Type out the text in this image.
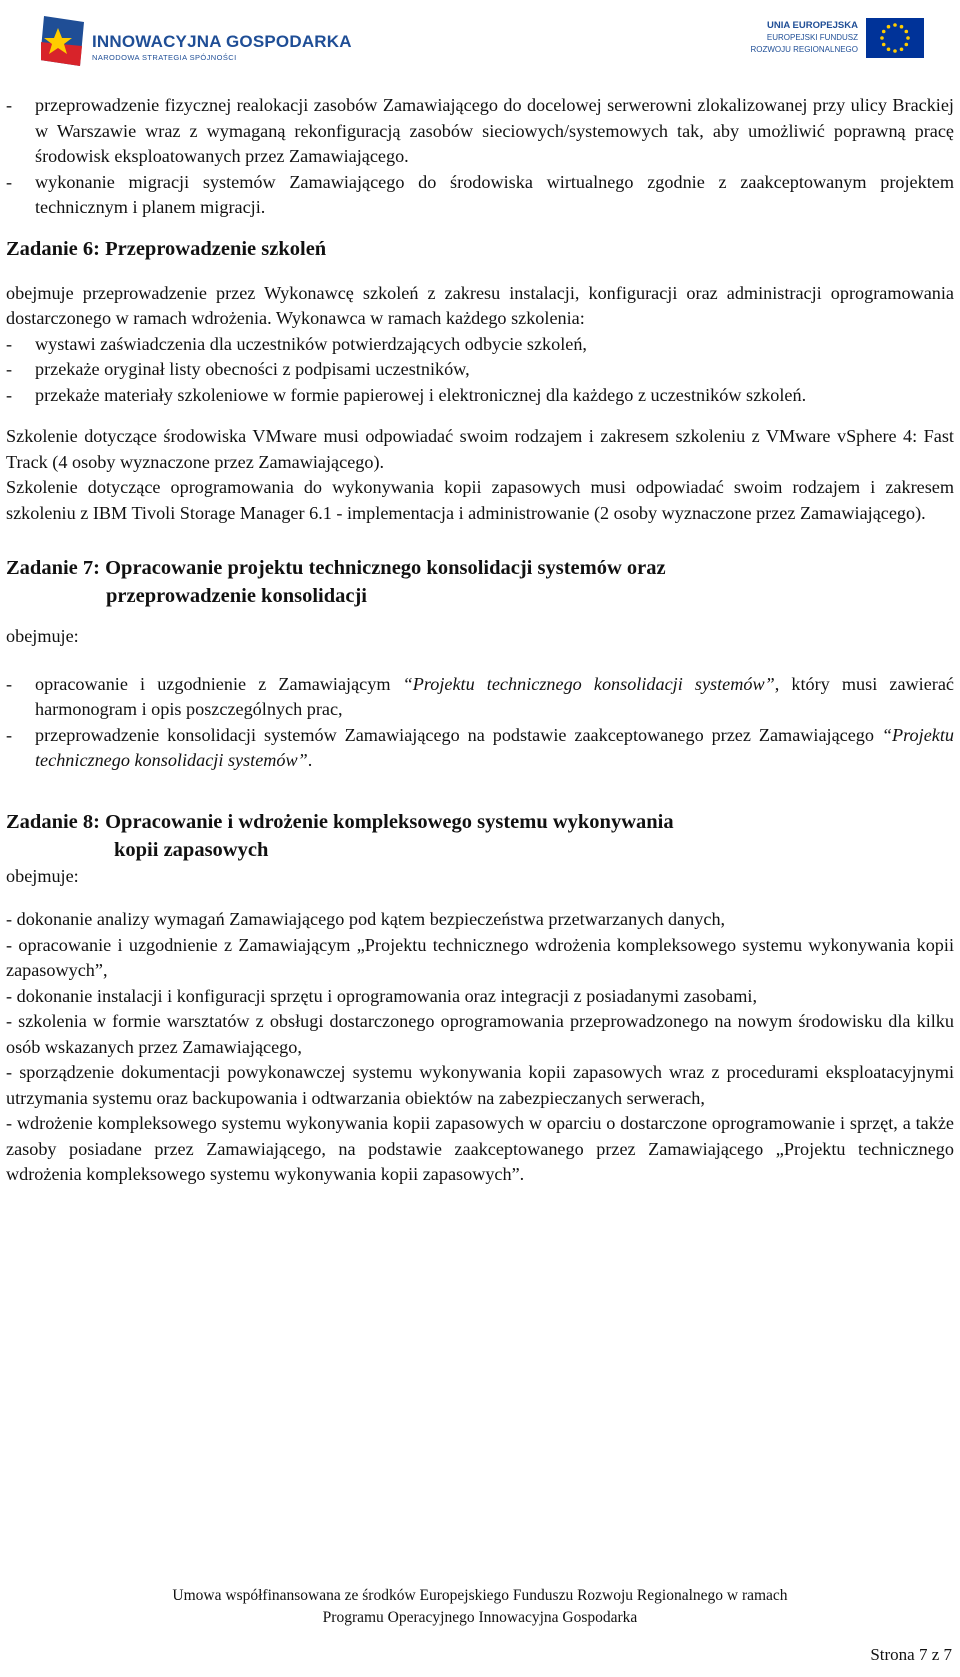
INNOWACYJNA GOSPODARKA
NARODOWA STRATEGIA SPÓJNOŚCI
UNIA EUROPEJSKA
EUROPEJSKI FUNDUSZ
ROZWOJU REGIONALNEGO
- przeprowadzenie fizycznej realokacji zasobów Zamawiającego do docelowej serwerowni zlokalizowanej przy ulicy Brackiej w Warszawie wraz z wymaganą rekonfiguracją zasobów sieciowych/systemowych tak, aby umożliwić poprawną pracę środowisk eksploatowanych przez Zamawiającego.
- wykonanie migracji systemów Zamawiającego do środowiska wirtualnego zgodnie z zaakceptowanym projektem technicznym i planem migracji.
Zadanie 6: Przeprowadzenie szkoleń
obejmuje przeprowadzenie przez Wykonawcę szkoleń z zakresu instalacji, konfiguracji oraz administracji oprogramowania dostarczonego w ramach wdrożenia. Wykonawca w ramach każdego szkolenia:
- wystawi zaświadczenia dla uczestników potwierdzających odbycie szkoleń,
- przekaże oryginał listy obecności z podpisami uczestników,
- przekaże materiały szkoleniowe w formie papierowej i elektronicznej dla każdego z uczestników szkoleń.
Szkolenie dotyczące środowiska VMware musi odpowiadać swoim rodzajem i zakresem szkoleniu z VMware vSphere 4: Fast Track (4 osoby wyznaczone przez Zamawiającego).
Szkolenie dotyczące oprogramowania do wykonywania kopii zapasowych musi odpowiadać swoim rodzajem i zakresem szkoleniu z IBM Tivoli Storage Manager 6.1 - implementacja i administrowanie (2 osoby wyznaczone przez Zamawiającego).
Zadanie 7: Opracowanie projektu technicznego konsolidacji systemów oraz
przeprowadzenie konsolidacji
obejmuje:
- opracowanie i uzgodnienie z Zamawiającym “Projektu technicznego konsolidacji systemów”, który musi zawierać harmonogram i opis poszczególnych prac,
- przeprowadzenie konsolidacji systemów Zamawiającego na podstawie zaakceptowanego przez Zamawiającego “Projektu technicznego konsolidacji systemów”.
Zadanie 8: Opracowanie i wdrożenie kompleksowego systemu wykonywania
kopii zapasowych
obejmuje:
- dokonanie analizy wymagań Zamawiającego pod kątem bezpieczeństwa przetwarzanych danych,
- opracowanie i uzgodnienie z Zamawiającym „Projektu technicznego wdrożenia kompleksowego systemu wykonywania kopii zapasowych”,
- dokonanie instalacji i konfiguracji sprzętu i oprogramowania oraz integracji z posiadanymi zasobami,
- szkolenia w formie warsztatów z obsługi dostarczonego oprogramowania przeprowadzonego na nowym środowisku dla kilku osób wskazanych przez Zamawiającego,
- sporządzenie dokumentacji powykonawczej systemu wykonywania kopii zapasowych wraz z procedurami eksploatacyjnymi utrzymania systemu oraz backupowania i odtwarzania obiektów na zabezpieczanych serwerach,
- wdrożenie kompleksowego systemu wykonywania kopii zapasowych w oparciu o dostarczone oprogramowanie i sprzęt, a także zasoby posiadane przez Zamawiającego, na podstawie zaakceptowanego przez Zamawiającego „Projektu technicznego wdrożenia kompleksowego systemu wykonywania kopii zapasowych”.
Umowa współfinansowana ze środków Europejskiego Funduszu Rozwoju Regionalnego w ramach
Programu Operacyjnego Innowacyjna Gospodarka
Strona 7 z 7
